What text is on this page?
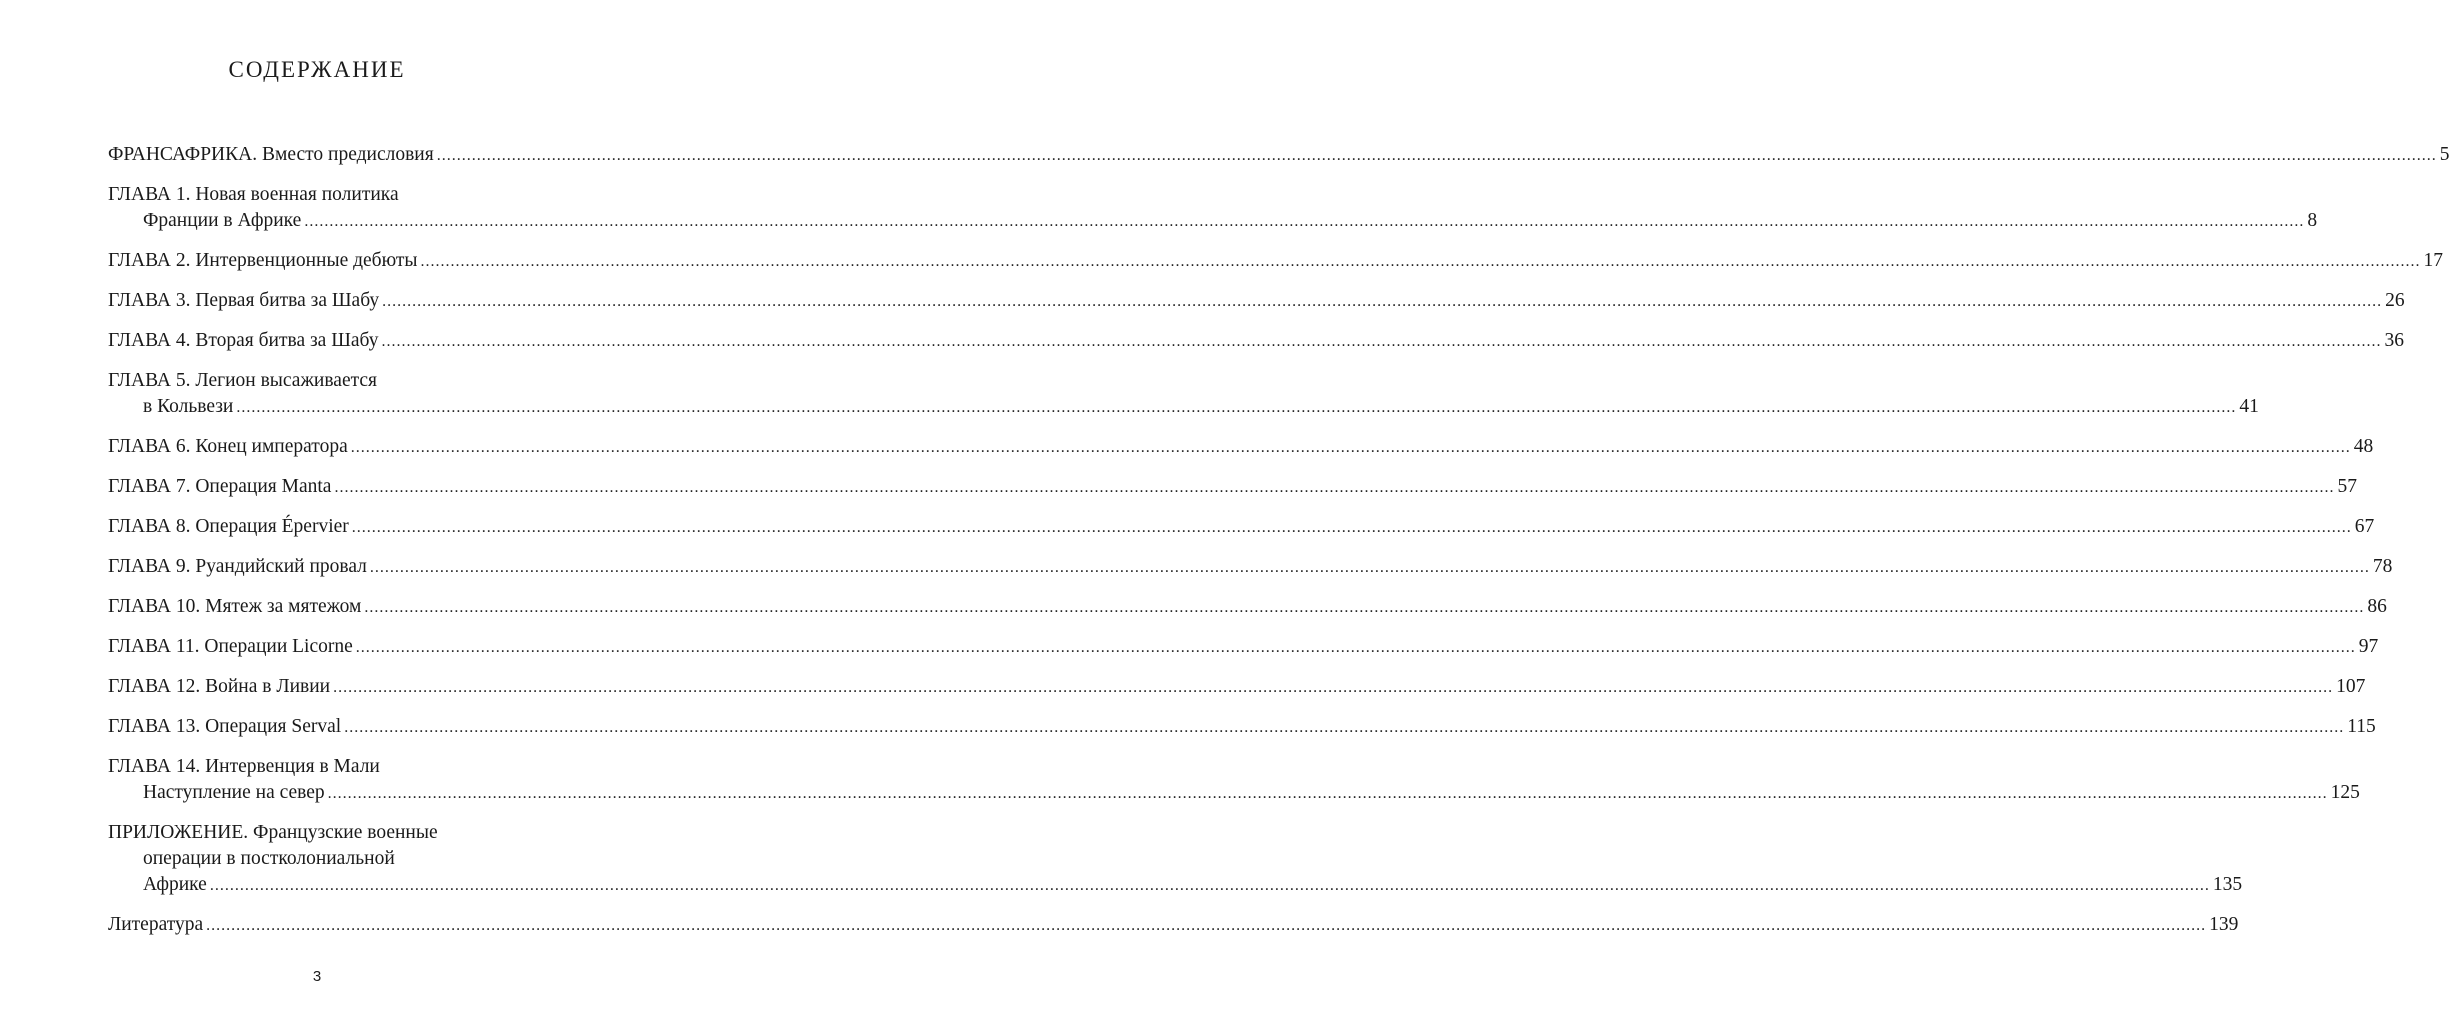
СОДЕРЖАНИЕ
ФРАНСАФРИКА. Вместо предисловия ................................................................................................................................................................................................................................................................................................................................................................................................................ 5
ГЛАВА 1. Новая военная политика
Франции в Африке ................................................................................................................................................................................................................................................................................................................................................................................................................ 8
ГЛАВА 2. Интервенционные дебюты ................................................................................................................................................................................................................................................................................................................................................................................................................ 17
ГЛАВА 3. Первая битва за Шабу ................................................................................................................................................................................................................................................................................................................................................................................................................ 26
ГЛАВА 4. Вторая битва за Шабу ................................................................................................................................................................................................................................................................................................................................................................................................................ 36
ГЛАВА 5. Легион высаживается
в Кольвези ................................................................................................................................................................................................................................................................................................................................................................................................................ 41
ГЛАВА 6. Конец императора ................................................................................................................................................................................................................................................................................................................................................................................................................ 48
ГЛАВА 7. Операция Manta ................................................................................................................................................................................................................................................................................................................................................................................................................ 57
ГЛАВА 8. Операция Épervier ................................................................................................................................................................................................................................................................................................................................................................................................................ 67
ГЛАВА 9. Руандийский провал ................................................................................................................................................................................................................................................................................................................................................................................................................ 78
ГЛАВА 10. Мятеж за мятежом ................................................................................................................................................................................................................................................................................................................................................................................................................ 86
ГЛАВА 11. Операции Licorne ................................................................................................................................................................................................................................................................................................................................................................................................................ 97
ГЛАВА 12. Война в Ливии ................................................................................................................................................................................................................................................................................................................................................................................................................ 107
ГЛАВА 13. Операция Serval ................................................................................................................................................................................................................................................................................................................................................................................................................ 115
ГЛАВА 14. Интервенция в Мали
Наступление на север ................................................................................................................................................................................................................................................................................................................................................................................................................ 125
ПРИЛОЖЕНИЕ. Французские военные
операции в постколониальной
Африке ................................................................................................................................................................................................................................................................................................................................................................................................................ 135
Литература ................................................................................................................................................................................................................................................................................................................................................................................................................ 139
3
